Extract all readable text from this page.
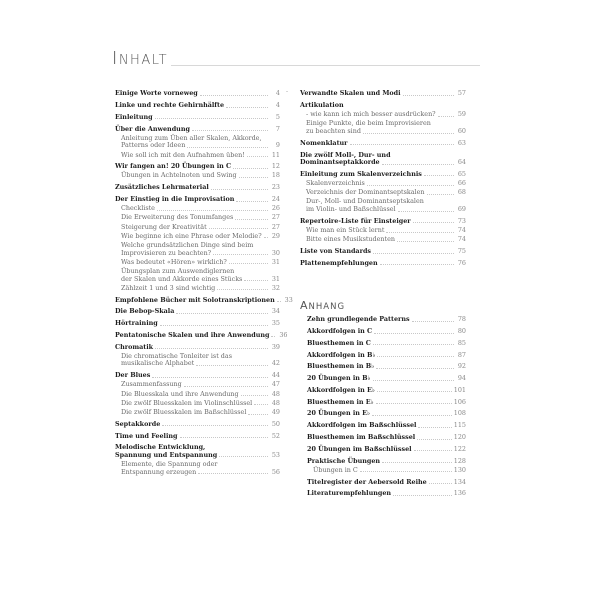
I NHALT
-
Einige Worte vorneweg	4
Linke und rechte Gehirnhälfte	4
Einleitung	5
Über die Anwendung	7
Anleitung zum Üben aller Skalen, Akkorde,
Patterns oder Ideen	9
Wie soll ich mit den Aufnahmen üben!	11
Wir fangen an! 20 Übungen in C	12
Übungen in Achtelnoten und Swing	18
Zusätzliches Lehrmaterial	23
Der Einstieg in die Improvisation	24
Checkliste	26
Die Erweiterung des Tonumfanges	27
Steigerung der Kreativität	27
Wie beginne ich eine Phrase oder Melodie? 29
Welche grundsätzlichen Dinge sind beim
Improvisieren zu beachten?	30
Was bedeutet «Hören» wirklich?	31
Übungsplan zum Auswendiglernen
der Skalen und Akkorde eines Stücks	31
Zählzeit 1 und 3 sind wichtig	32
Empfohlene Bücher mit Solotranskriptionen 33
Die Bebop-Skala	34
Hörtraining	35
Pentatonische Skalen und ihre Anwendung 36
Chromatik	39
Die chromatische Tonleiter ist das
musikalische Alphabet	42
Der Blues	44
Zusammenfassung	47
Die Bluesskala und ihre Anwendung	48
Die zwölf Bluesskalen im Violinschlüssel	48
Die zwölf Bluesskalen im Baßschlüssel	49
Septakkorde	50
Time und Feeling	52
Melodische Entwicklung,
Spannung und Entspannung	53
Elemente, die Spannung oder
Entspannung erzeugen	56
Verwandte Skalen und Modi	57
Artikulation
- wie kann ich mich besser ausdrücken?	59
Einige Punkte, die beim Improvisieren
zu beachten sind	60
Nomenklatur	63
Die zwölf Moll-, Dur- und
Dominantseptakkorde	64
Einleitung zum Skalenverzeichnis	65
Skalenverzeichnis	66
Verzeichnis der Dominantseptskalen	68
Dur-, Moll- und Dominantseptskalen
im Violin- und Baßschlüssel	69
Repertoire-Liste für Einsteiger	73
Wie man ein Stück lernt	74
Bitte eines Musikstudenten	74
Liste von Standards	75
Plattenempfehlungen	76
ANHANG
Zehn grundlegende Patterns	78
Akkordfolgen in C	80
Bluesthemen in C	85
Akkordfolgen in B♭	87
Bluesthemen in B♭	92
20 Übungen in B♭	94
Akkordfolgen in E♭	101
Bluesthemen in E♭	106
20 Übungen in E♭	108
Akkordfolgen im Baßschlüssel	115
Bluesthemen im Baßschlüssel	120
20 Übungen im Baßschlüssel	122
Praktische Übungen	128
Übungen in C	130
Titelregister der Aebersold Reihe	134
Literaturempfehlungen	136
